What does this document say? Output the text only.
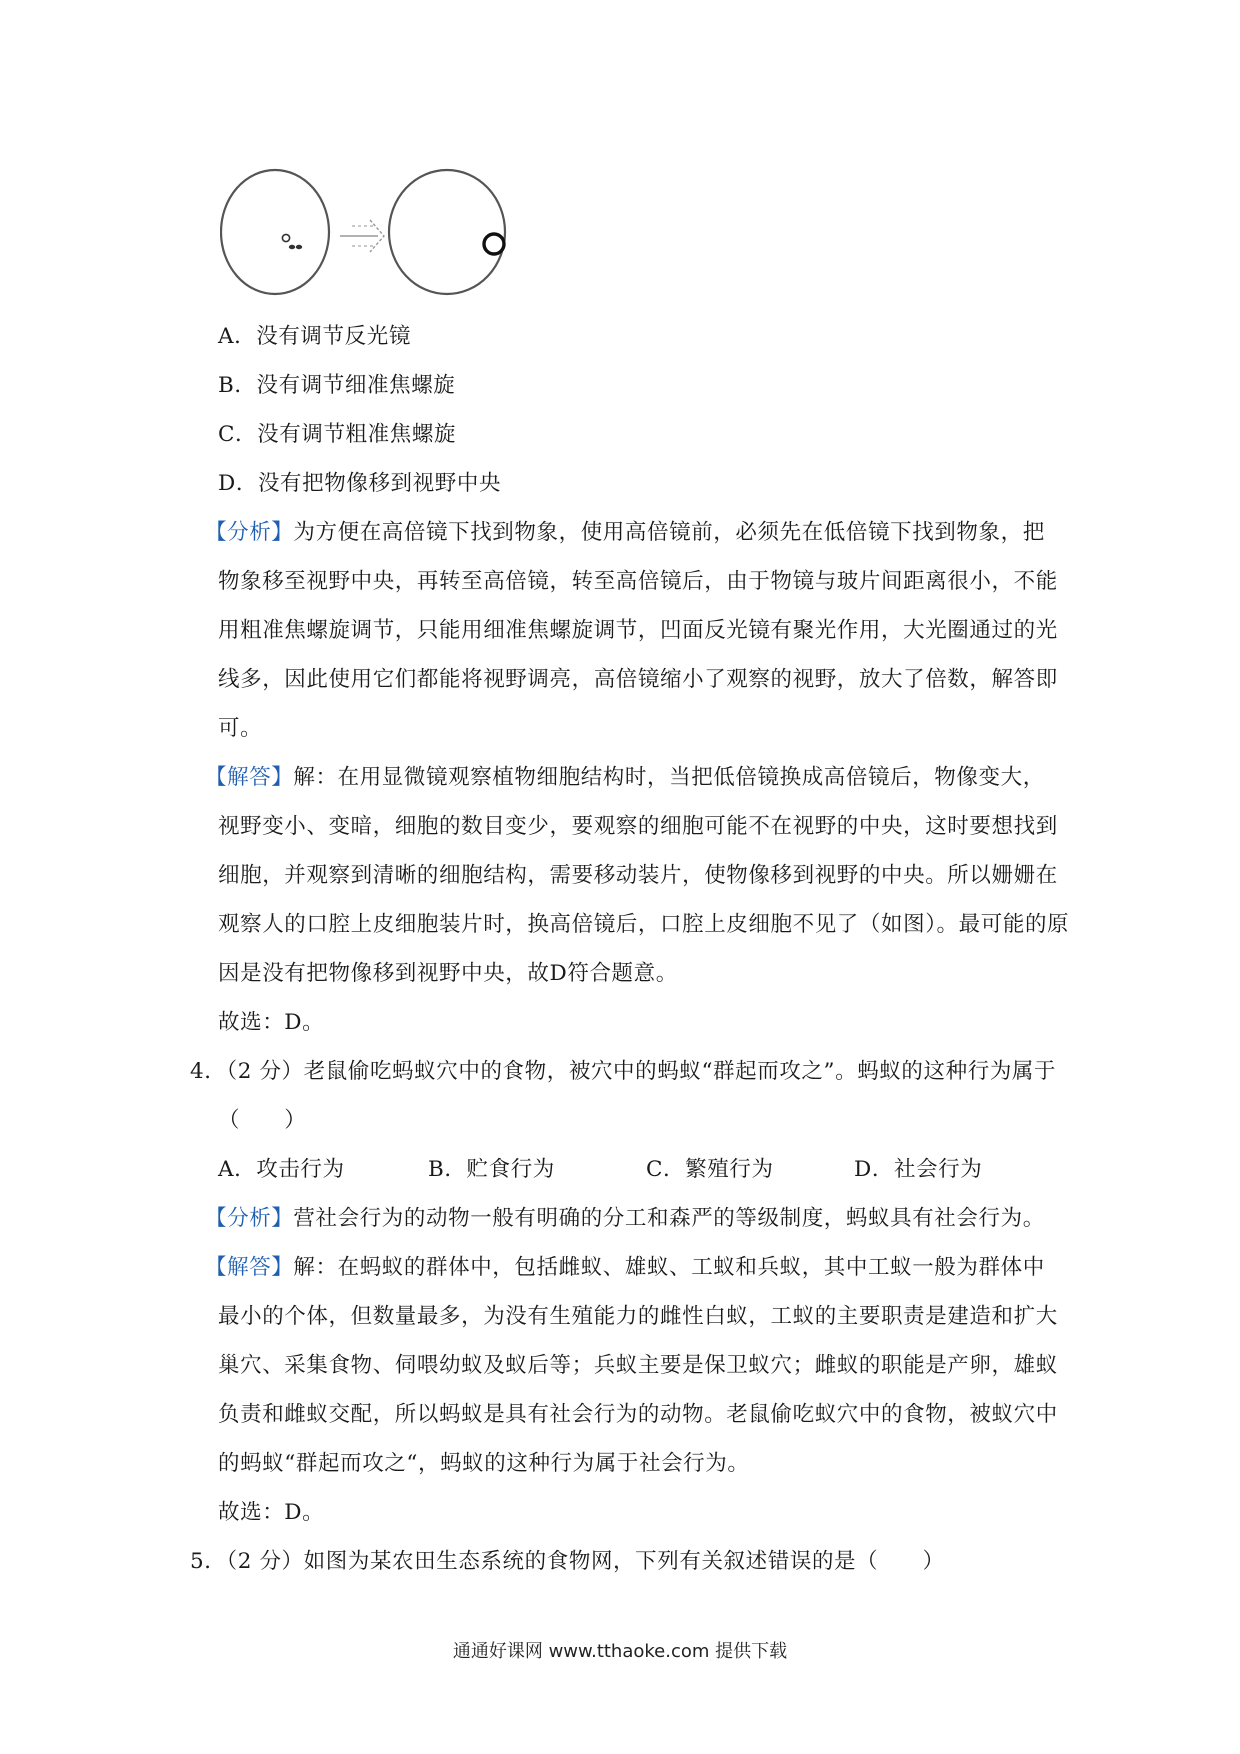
A．没有调节反光镜
B．没有调节细准焦螺旋
C．没有调节粗准焦螺旋
D．没有把物像移到视野中央
【分析】为方便在高倍镜下找到物象，使用高倍镜前，必须先在低倍镜下找到物象，把
物象移至视野中央，再转至高倍镜，转至高倍镜后，由于物镜与玻片间距离很小，不能
用粗准焦螺旋调节，只能用细准焦螺旋调节，凹面反光镜有聚光作用，大光圈通过的光
线多，因此使用它们都能将视野调亮，高倍镜缩小了观察的视野，放大了倍数，解答即
可。
【解答】解：在用显微镜观察植物细胞结构时，当把低倍镜换成高倍镜后，物像变大，
视野变小、变暗，细胞的数目变少，要观察的细胞可能不在视野的中央，这时要想找到
细胞，并观察到清晰的细胞结构，需要移动装片，使物像移到视野的中央。所以姗姗在
观察人的口腔上皮细胞装片时，换高倍镜后，口腔上皮细胞不见了（如图）。最可能的原
因是没有把物像移到视野中央，故D符合题意。
故选：D。
4．（2 分）老鼠偷吃蚂蚁穴中的食物，被穴中的蚂蚁“群起而攻之”。蚂蚁的这种行为属于
（　　）
A．攻击行为	B．贮食行为	C．繁殖行为	D．社会行为
【分析】营社会行为的动物一般有明确的分工和森严的等级制度，蚂蚁具有社会行为。
【解答】解：在蚂蚁的群体中，包括雌蚁、雄蚁、工蚁和兵蚁，其中工蚁一般为群体中
最小的个体，但数量最多，为没有生殖能力的雌性白蚁，工蚁的主要职责是建造和扩大
巢穴、采集食物、伺喂幼蚁及蚁后等；兵蚁主要是保卫蚁穴；雌蚁的职能是产卵，雄蚁
负责和雌蚁交配，所以蚂蚁是具有社会行为的动物。老鼠偷吃蚁穴中的食物，被蚁穴中
的蚂蚁“群起而攻之“，蚂蚁的这种行为属于社会行为。
故选：D。
5．（2 分）如图为某农田生态系统的食物网，下列有关叙述错误的是（　　）
通通好课网 www.tthaoke.com 提供下载
